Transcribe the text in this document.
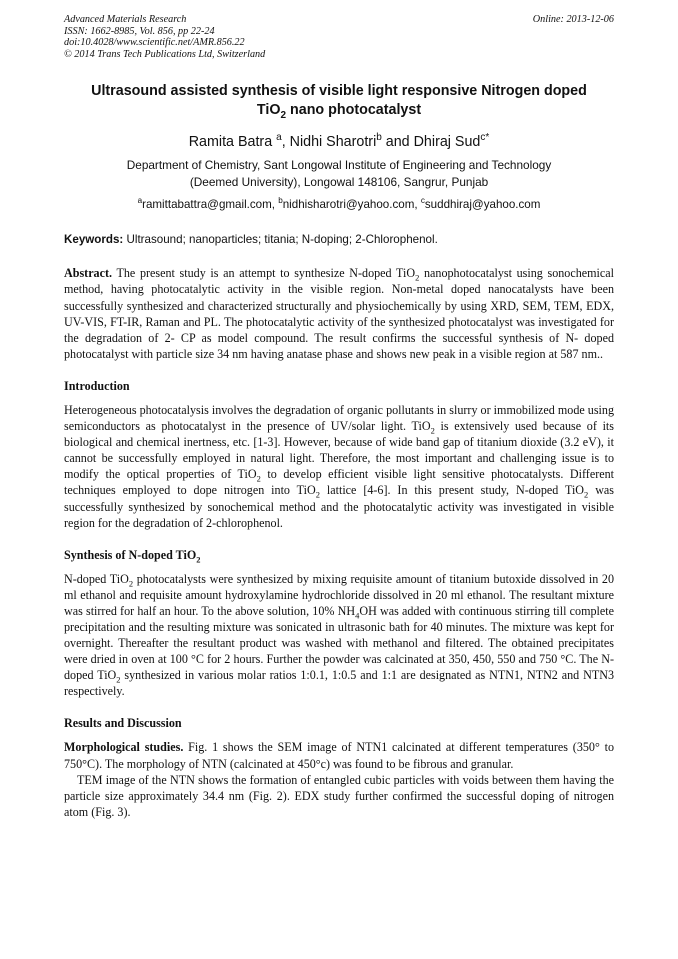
Advanced Materials Research
ISSN: 1662-8985, Vol. 856, pp 22-24
doi:10.4028/www.scientific.net/AMR.856.22
© 2014 Trans Tech Publications Ltd, Switzerland
Online: 2013-12-06
Ultrasound assisted synthesis of visible light responsive Nitrogen doped
TiO$_2$ nano photocatalyst
Ramita Batra $^a$, Nidhi Sharotri$^b$ and Dhiraj Sud$^{c*}$
Department of Chemistry, Sant Longowal Institute of Engineering and Technology
(Deemed University), Longowal 148106, Sangrur, Punjab
$^a$ramittabattra@gmail.com, $^b$nidhisharotri@yahoo.com, $^c$suddhiraj@yahoo.com
Keywords: Ultrasound; nanoparticles; titania; N-doping; 2-Chlorophenol.

Abstract. The present study is an attempt to synthesize N-doped TiO$_2$ nanophotocatalyst using sonochemical method, having photocatalytic activity in the visible region. Non-metal doped nanocatalysts have been successfully synthesized and characterized structurally and physiochemically by using XRD, SEM, TEM, EDX, UV-VIS, FT-IR, Raman and PL. The photocatalytic activity of the synthesized photocatalyst was investigated for the degradation of 2- CP as model compound. The result confirms the successful synthesis of N- doped photocatalyst with particle size 34 nm having anatase phase and shows new peak in a visible region at 587 nm..

Introduction

Heterogeneous photocatalysis involves the degradation of organic pollutants in slurry or immobilized mode using semiconductors as photocatalyst in the presence of UV/solar light. TiO$_2$ is extensively used because of its biological and chemical inertness, etc. [1-3]. However, because of wide band gap of titanium dioxide (3.2 eV), it cannot be successfully employed in natural light. Therefore, the most important and challenging issue is to modify the optical properties of TiO$_2$ to develop efficient visible light sensitive photocatalysts. Different techniques employed to dope nitrogen into TiO$_2$ lattice [4-6]. In this present study, N-doped TiO$_2$ was successfully synthesized by sonochemical method and the photocatalytic activity was investigated in visible region for the degradation of 2-chlorophenol.

Synthesis of N-doped TiO$_2$

N-doped TiO$_2$ photocatalysts were synthesized by mixing requisite amount of titanium butoxide dissolved in 20 ml ethanol and requisite amount hydroxylamine hydrochloride dissolved in 20 ml ethanol. The resultant mixture was stirred for half an hour. To the above solution, 10% $NH_4OH$ was added with continuous stirring till complete precipitation and the resulting mixture was sonicated in ultrasonic bath for 40 minutes. The mixture was kept for overnight. Thereafter the resultant product was washed with methanol and filtered. The obtained precipitates were dried in oven at 100 °C for 2 hours. Further the powder was calcinated at 350, 450, 550 and 750 °C. The N-doped TiO$_2$ synthesized in various molar ratios 1:0.1, 1:0.5 and 1:1 are designated as NTN1, NTN2 and NTN3 respectively.

Results and Discussion

Morphological studies. Fig. 1 shows the SEM image of NTN1 calcinated at different temperatures (350° to 750°C). The morphology of NTN (calcinated at 450°c) was found to be fibrous and granular.

TEM image of the NTN shows the formation of entangled cubic particles with voids between them having the particle size approximately 34.4 nm (Fig. 2). EDX study further confirmed the successful doping of nitrogen atom (Fig. 3).
